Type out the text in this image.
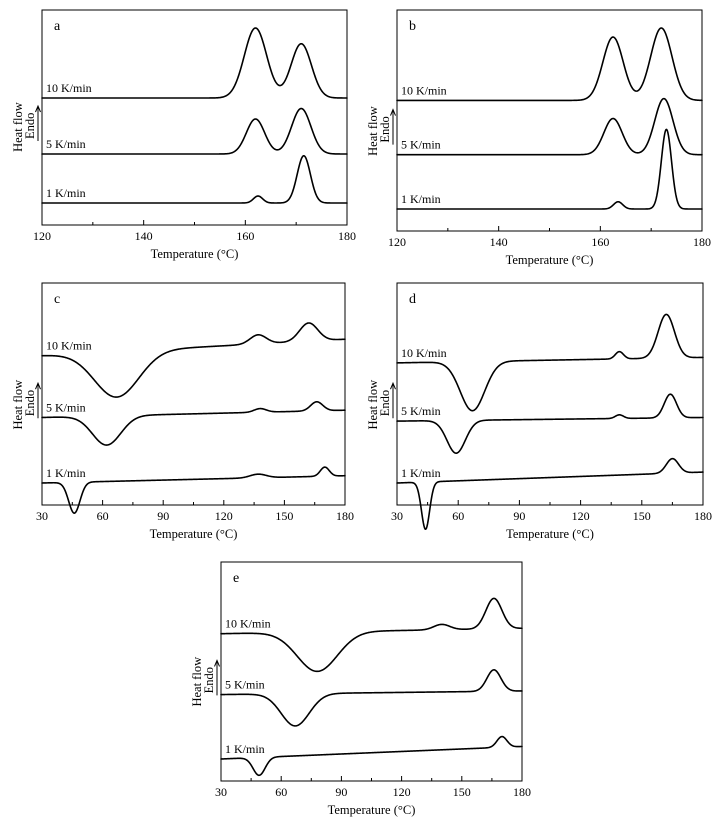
120	140	160	180
Temperature (°C)
Heat flow
Endo
a
10 K/min
5 K/min
1 K/min
120	140	160	180
Temperature (°C)
Heat flow
Endo
b
10 K/min
5 K/min
1 K/min
30	60	90	120	150	180
Temperature (°C)
Heat flow
Endo
c
10 K/min
5 K/min
1 K/min
30	60	90	120	150	180
Temperature (°C)
Heat flow
Endo
d
10 K/min
5 K/min
1 K/min
30	60	90	120	150	180
Temperature (°C)
Heat flow
Endo
e
10 K/min
5 K/min
1 K/min
